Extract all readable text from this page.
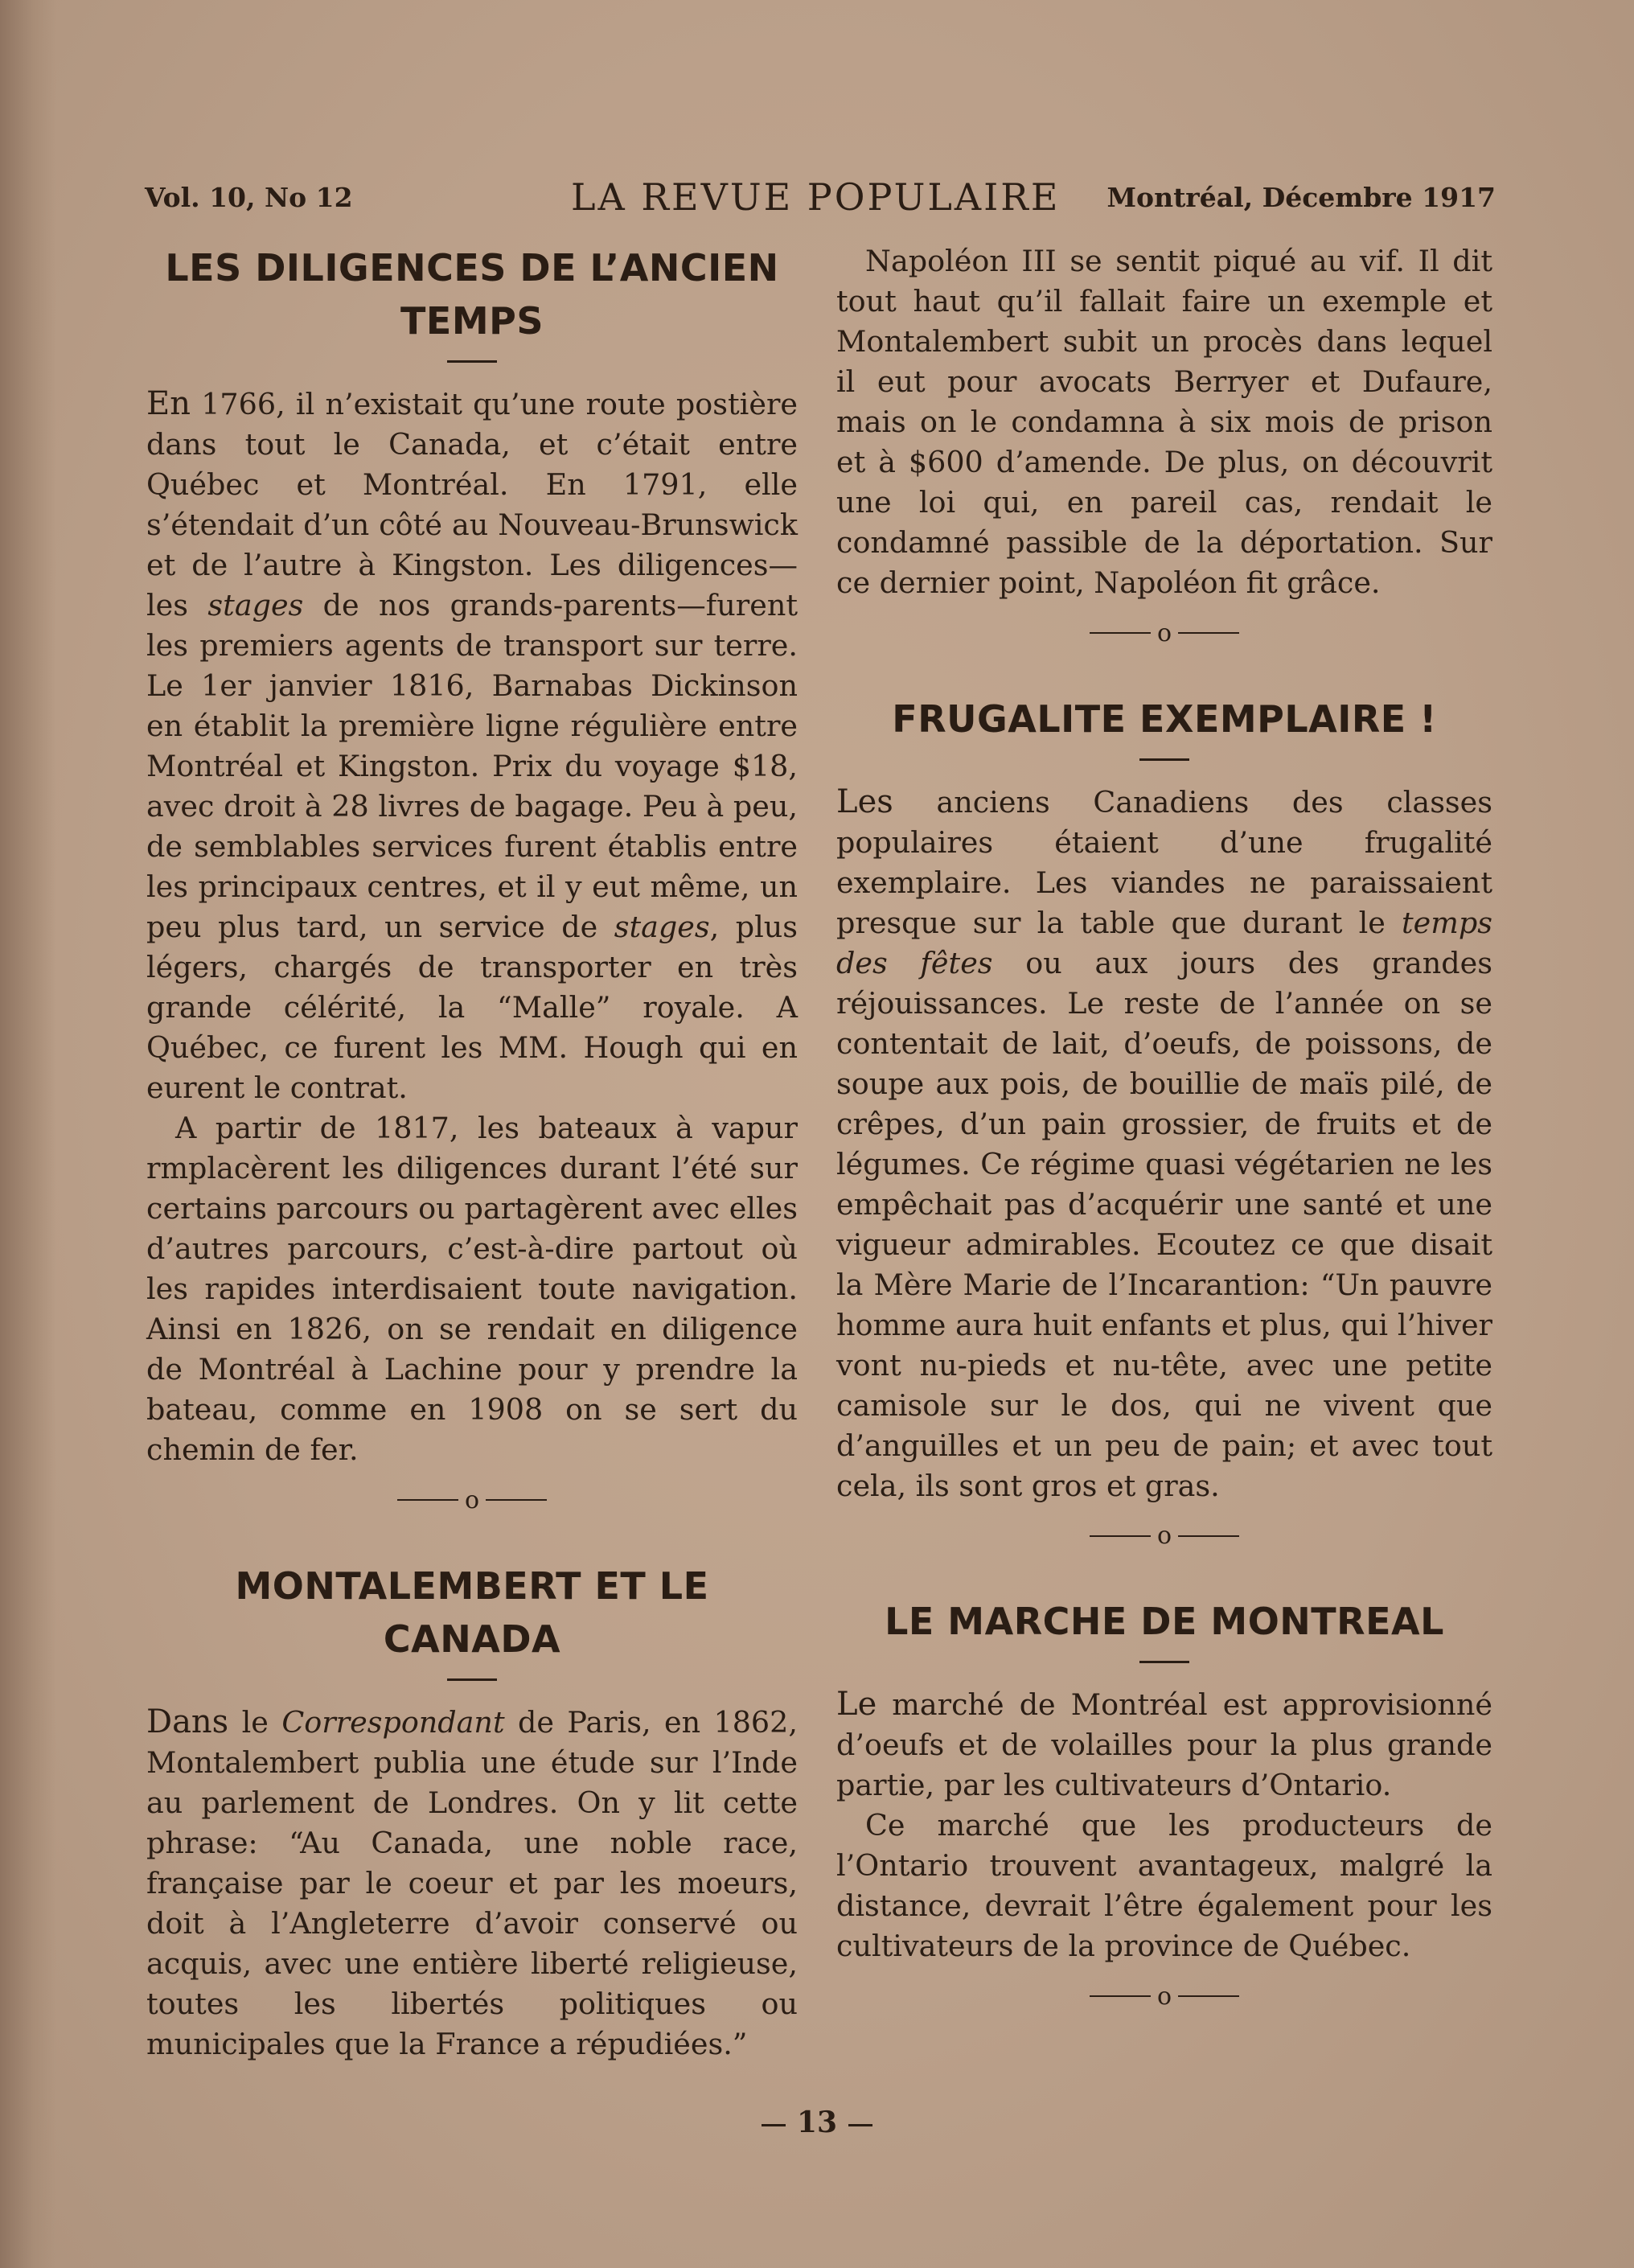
Vol. 10, No 12	LA REVUE POPULAIRE Montréal, Décembre 1917
LES DILIGENCES DE L’ANCIEN TEMPS

En 1766, il n’existait qu’une route postière dans tout le Canada, et c’était entre Québec et Montréal. En 1791, elle s’étendait d’un côté au Nouveau-Brunswick et de l’autre à Kingston. Les diligences—les stages de nos grands-parents—furent les premiers agents de transport sur terre. Le 1er janvier 1816, Barnabas Dickinson en établit la première ligne régulière entre Montréal et Kingston. Prix du voyage $18, avec droit à 28 livres de bagage. Peu à peu, de semblables services furent établis entre les principaux centres, et il y eut même, un peu plus tard, un service de stages, plus légers, chargés de transporter en très grande célérité, la “Malle” royale. A Québec, ce furent les MM. Hough qui en eurent le contrat.

A partir de 1817, les bateaux à vapur rmplacèrent les diligences durant l’été sur certains parcours ou partagèrent avec elles d’autres parcours, c’est-à-dire partout où les rapides interdisaient toute navigation. Ainsi en 1826, on se rendait en diligence de Montréal à Lachine pour y prendre la bateau, comme en 1908 on se sert du chemin de fer.

o
MONTALEMBERT ET LE CANADA

Dans le Correspondant de Paris, en 1862, Montalembert publia une étude sur l’Inde au parlement de Londres. On y lit cette phrase: “Au Canada, une noble race, française par le coeur et par les moeurs, doit à l’Angleterre d’avoir conservé ou acquis, avec une entière liberté religieuse, toutes les libertés politiques ou municipales que la France a répudiées.”

Napoléon III se sentit piqué au vif. Il dit tout haut qu’il fallait faire un exemple et Montalembert subit un procès dans lequel il eut pour avocats Berryer et Dufaure, mais on le condamna à six mois de prison et à $600 d’amende. De plus, on découvrit une loi qui, en pareil cas, rendait le condamné passible de la déportation. Sur ce dernier point, Napoléon fit grâce.

o
FRUGALITE EXEMPLAIRE !

Les anciens Canadiens des classes populaires étaient d’une frugalité exemplaire. Les viandes ne paraissaient presque sur la table que durant le temps des fêtes ou aux jours des grandes réjouissances. Le reste de l’année on se contentait de lait, d’oeufs, de poissons, de soupe aux pois, de bouillie de maïs pilé, de crêpes, d’un pain grossier, de fruits et de légumes. Ce régime quasi végétarien ne les empêchait pas d’acquérir une santé et une vigueur admirables. Ecoutez ce que disait la Mère Marie de l’Incarantion: “Un pauvre homme aura huit enfants et plus, qui l’hiver vont nu-pieds et nu-tête, avec une petite camisole sur le dos, qui ne vivent que d’anguilles et un peu de pain; et avec tout cela, ils sont gros et gras.

o
LE MARCHE DE MONTREAL

Le marché de Montréal est approvisionné d’oeufs et de volailles pour la plus grande partie, par les cultivateurs d’Ontario.

Ce marché que les producteurs de l’Ontario trouvent avantageux, malgré la distance, devrait l’être également pour les cultivateurs de la province de Québec.

o
13
